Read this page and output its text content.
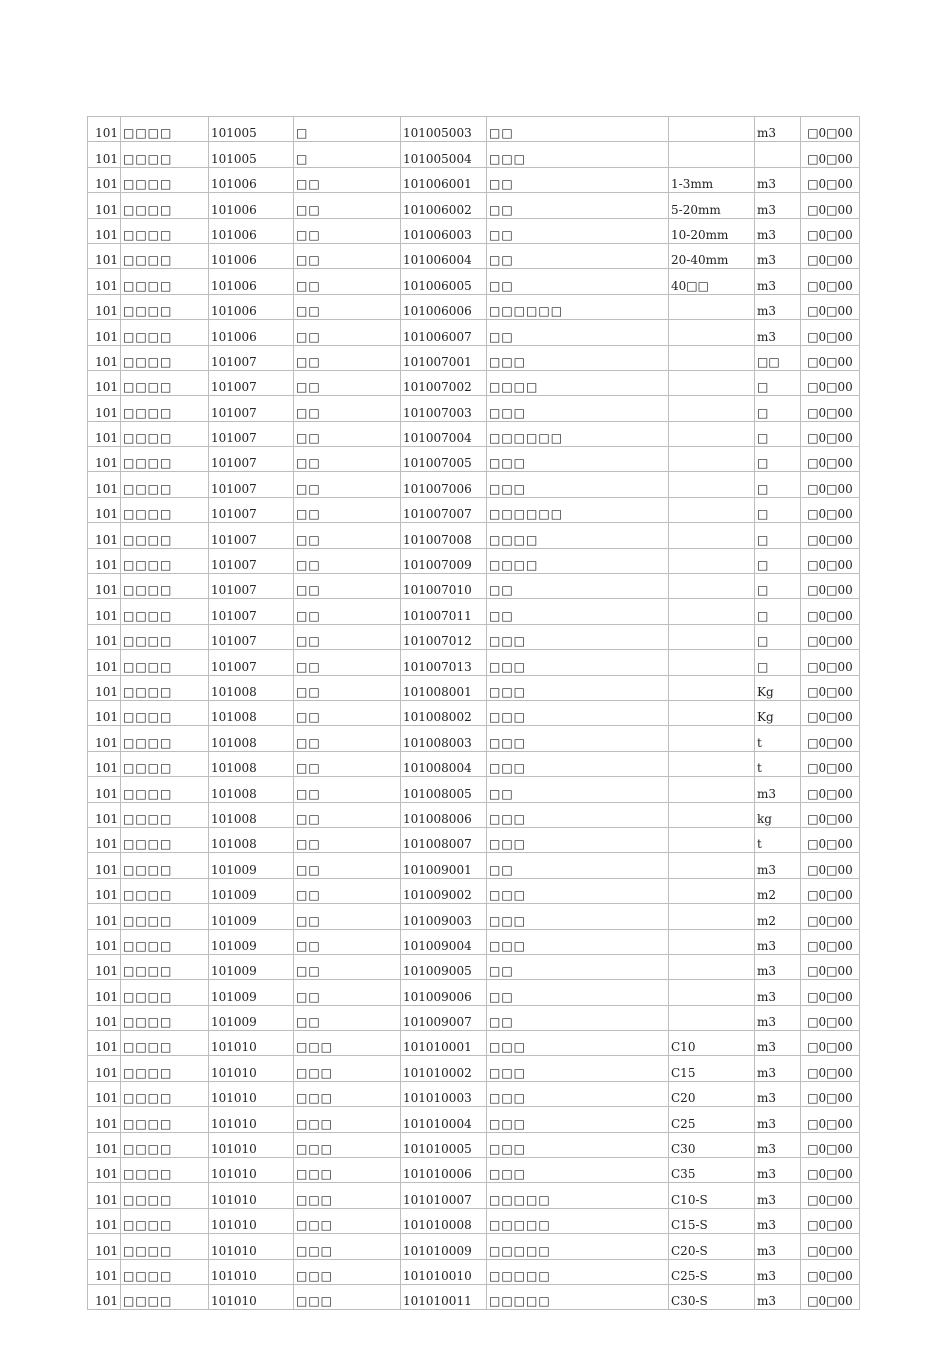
101	□□□□	101005	□	101005003	□□		m3	□0□00
101	□□□□	101005	□	101005004	□□□			□0□00
101	□□□□	101006	□□	101006001	□□	1-3mm	m3	□0□00
101	□□□□	101006	□□	101006002	□□	5-20mm	m3	□0□00
101	□□□□	101006	□□	101006003	□□	10-20mm	m3	□0□00
101	□□□□	101006	□□	101006004	□□	20-40mm	m3	□0□00
101	□□□□	101006	□□	101006005	□□	40□□	m3	□0□00
101	□□□□	101006	□□	101006006	□□□□□□		m3	□0□00
101	□□□□	101006	□□	101006007	□□		m3	□0□00
101	□□□□	101007	□□	101007001	□□□		□□	□0□00
101	□□□□	101007	□□	101007002	□□□□		□	□0□00
101	□□□□	101007	□□	101007003	□□□		□	□0□00
101	□□□□	101007	□□	101007004	□□□□□□		□	□0□00
101	□□□□	101007	□□	101007005	□□□		□	□0□00
101	□□□□	101007	□□	101007006	□□□		□	□0□00
101	□□□□	101007	□□	101007007	□□□□□□		□	□0□00
101	□□□□	101007	□□	101007008	□□□□		□	□0□00
101	□□□□	101007	□□	101007009	□□□□		□	□0□00
101	□□□□	101007	□□	101007010	□□		□	□0□00
101	□□□□	101007	□□	101007011	□□		□	□0□00
101	□□□□	101007	□□	101007012	□□□		□	□0□00
101	□□□□	101007	□□	101007013	□□□		□	□0□00
101	□□□□	101008	□□	101008001	□□□		Kg	□0□00
101	□□□□	101008	□□	101008002	□□□		Kg	□0□00
101	□□□□	101008	□□	101008003	□□□		t	□0□00
101	□□□□	101008	□□	101008004	□□□		t	□0□00
101	□□□□	101008	□□	101008005	□□		m3	□0□00
101	□□□□	101008	□□	101008006	□□□		kg	□0□00
101	□□□□	101008	□□	101008007	□□□		t	□0□00
101	□□□□	101009	□□	101009001	□□		m3	□0□00
101	□□□□	101009	□□	101009002	□□□		m2	□0□00
101	□□□□	101009	□□	101009003	□□□		m2	□0□00
101	□□□□	101009	□□	101009004	□□□		m3	□0□00
101	□□□□	101009	□□	101009005	□□		m3	□0□00
101	□□□□	101009	□□	101009006	□□		m3	□0□00
101	□□□□	101009	□□	101009007	□□		m3	□0□00
101	□□□□	101010	□□□	101010001	□□□	C10	m3	□0□00
101	□□□□	101010	□□□	101010002	□□□	C15	m3	□0□00
101	□□□□	101010	□□□	101010003	□□□	C20	m3	□0□00
101	□□□□	101010	□□□	101010004	□□□	C25	m3	□0□00
101	□□□□	101010	□□□	101010005	□□□	C30	m3	□0□00
101	□□□□	101010	□□□	101010006	□□□	C35	m3	□0□00
101	□□□□	101010	□□□	101010007	□□□□□	C10-S	m3	□0□00
101	□□□□	101010	□□□	101010008	□□□□□	C15-S	m3	□0□00
101	□□□□	101010	□□□	101010009	□□□□□	C20-S	m3	□0□00
101	□□□□	101010	□□□	101010010	□□□□□	C25-S	m3	□0□00
101	□□□□	101010	□□□	101010011	□□□□□	C30-S	m3	□0□00
